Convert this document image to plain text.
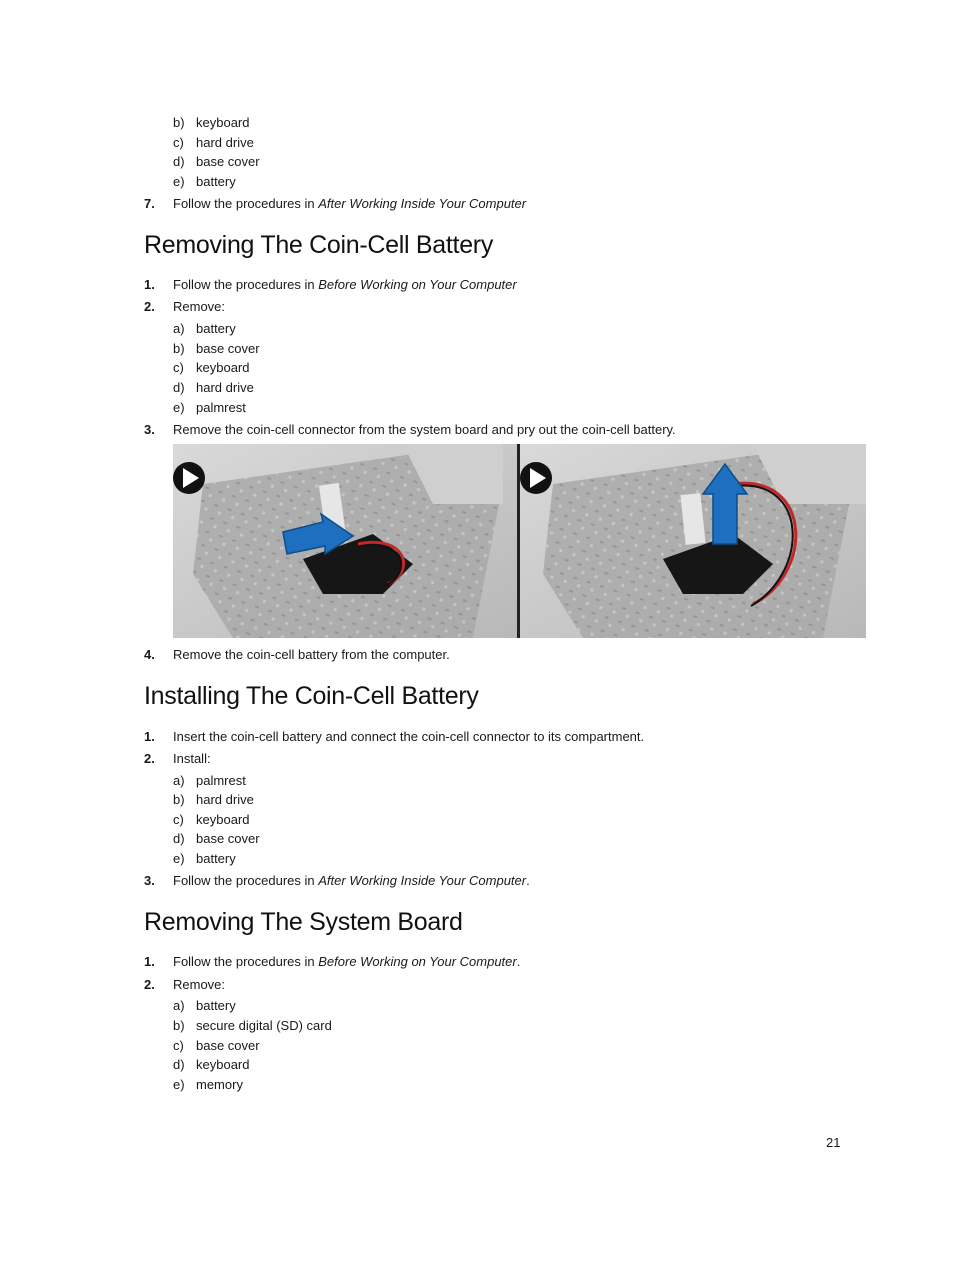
b) keyboard
c) hard drive
d) base cover
e) battery
7. Follow the procedures in After Working Inside Your Computer
Removing The Coin-Cell Battery
1. Follow the procedures in Before Working on Your Computer
2. Remove:
a) battery
b) base cover
c) keyboard
d) hard drive
e) palmrest
3. Remove the coin-cell connector from the system board and pry out the coin-cell battery.
4. Remove the coin-cell battery from the computer.
Installing The Coin-Cell Battery
1. Insert the coin-cell battery and connect the coin-cell connector to its compartment.
2. Install:
a) palmrest
b) hard drive
c) keyboard
d) base cover
e) battery
3. Follow the procedures in After Working Inside Your Computer.
Removing The System Board
1. Follow the procedures in Before Working on Your Computer.
2. Remove:
a) battery
b) secure digital (SD) card
c) base cover
d) keyboard
e) memory
21
